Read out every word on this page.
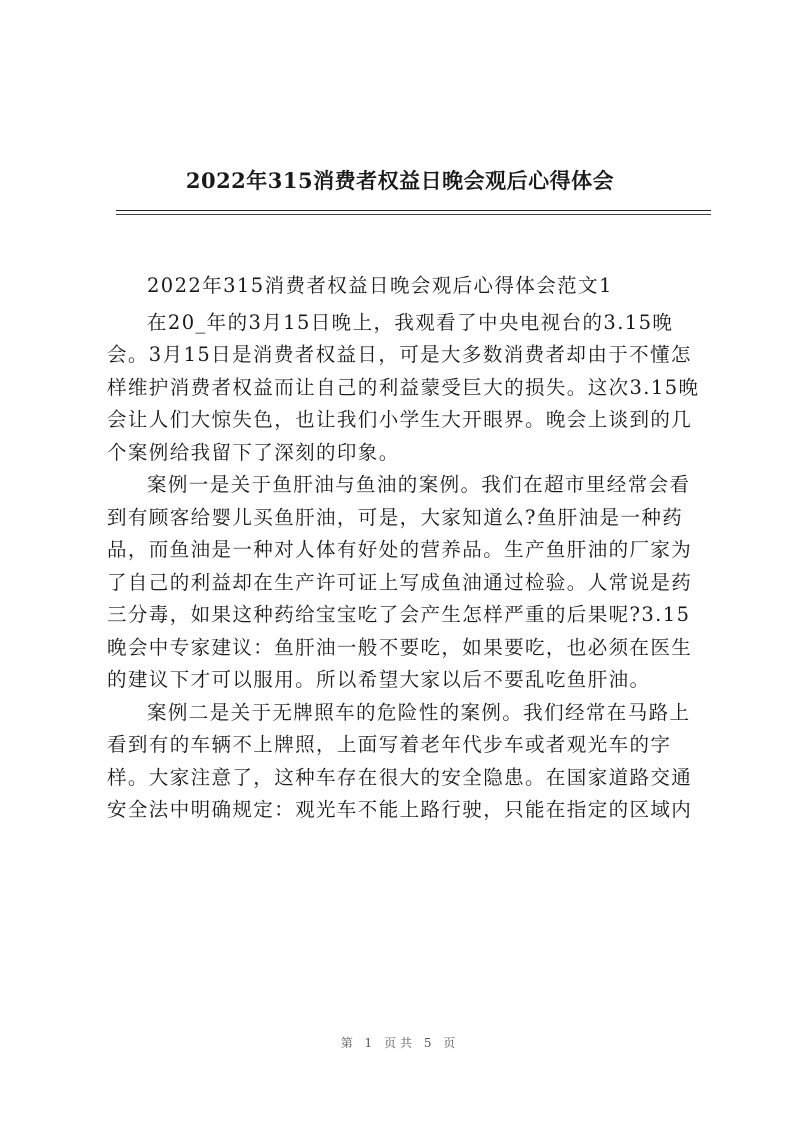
2022年315消费者权益日晚会观后心得体会

2022年315消费者权益日晚会观后心得体会范文1

在20_年的3月15日晚上，我观看了中央电视台的3.15晚会。3月15日是消费者权益日，可是大多数消费者却由于不懂怎样维护消费者权益而让自己的利益蒙受巨大的损失。这次3.15晚会让人们大惊失色，也让我们小学生大开眼界。晚会上谈到的几个案例给我留下了深刻的印象。

案例一是关于鱼肝油与鱼油的案例。我们在超市里经常会看到有顾客给婴儿买鱼肝油，可是，大家知道么?鱼肝油是一种药品，而鱼油是一种对人体有好处的营养品。生产鱼肝油的厂家为了自己的利益却在生产许可证上写成鱼油通过检验。人常说是药三分毒，如果这种药给宝宝吃了会产生怎样严重的后果呢?3.15晚会中专家建议：鱼肝油一般不要吃，如果要吃，也必须在医生的建议下才可以服用。所以希望大家以后不要乱吃鱼肝油。

案例二是关于无牌照车的危险性的案例。我们经常在马路上看到有的车辆不上牌照，上面写着老年代步车或者观光车的字样。大家注意了，这种车存在很大的安全隐患。在国家道路交通安全法中明确规定：观光车不能上路行驶，只能在指定的区域内

第 1 页共 5 页
